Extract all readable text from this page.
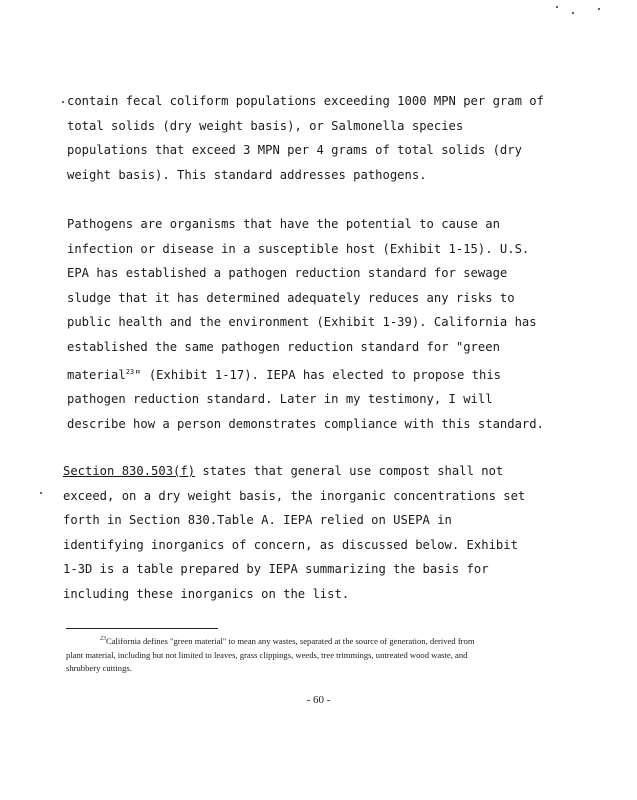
contain fecal coliform populations exceeding 1000 MPN per gram of
total solids (dry weight basis), or Salmonella species
populations that exceed 3 MPN per 4 grams of total solids (dry
weight basis). This standard addresses pathogens.
Pathogens are organisms that have the potential to cause an
infection or disease in a susceptible host (Exhibit 1-15). U.S.
EPA has established a pathogen reduction standard for sewage
sludge that it has determined adequately reduces any risks to
public health and the environment (Exhibit 1-39). California has
established the same pathogen reduction standard for "green
material$^{23}$" (Exhibit 1-17). IEPA has elected to propose this
pathogen reduction standard. Later in my testimony, I will
describe how a person demonstrates compliance with this standard.
Section 830.503(f) states that general use compost shall not
exceed, on a dry weight basis, the inorganic concentrations set
forth in Section 830.Table A. IEPA relied on USEPA in
identifying inorganics of concern, as discussed below. Exhibit
1-3D is a table prepared by IEPA summarizing the basis for
including these inorganics on the list.
$^{23}$California defines "green material" to mean any wastes, separated at the source of generation, derived from
plant material, including but not limited to leaves, grass clippings, weeds, tree trimmings, untreated wood waste, and
shrubbery cuttings.
- 60 -
